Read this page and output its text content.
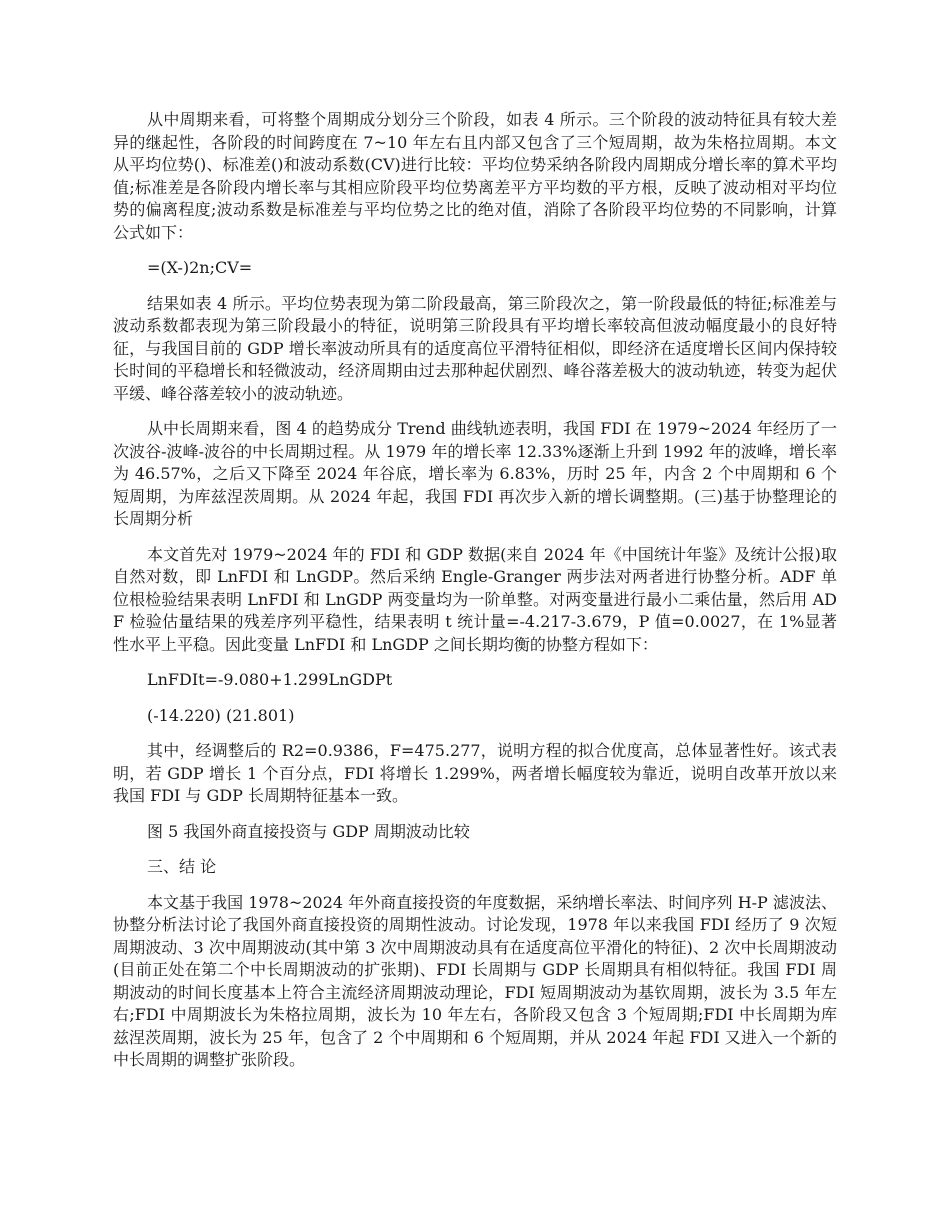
从中周期来看，可将整个周期成分划分三个阶段，如表 4 所示。三个阶段的波动特征具有较大差异的继起性，各阶段的时间跨度在 7~10 年左右且内部又包含了三个短周期，故为朱格拉周期。本文从平均位势()、标准差()和波动系数(CV)进行比较：平均位势采纳各阶段内周期成分增长率的算术平均值;标准差是各阶段内增长率与其相应阶段平均位势离差平方平均数的平方根，反映了波动相对平均位势的偏离程度;波动系数是标准差与平均位势之比的绝对值，消除了各阶段平均位势的不同影响，计算公式如下：

=(X-)2n;CV=

结果如表 4 所示。平均位势表现为第二阶段最高，第三阶段次之，第一阶段最低的特征;标准差与波动系数都表现为第三阶段最小的特征，说明第三阶段具有平均增长率较高但波动幅度最小的良好特征，与我国目前的 GDP 增长率波动所具有的适度高位平滑特征相似，即经济在适度增长区间内保持较长时间的平稳增长和轻微波动，经济周期由过去那种起伏剧烈、峰谷落差极大的波动轨迹，转变为起伏平缓、峰谷落差较小的波动轨迹。

从中长周期来看，图 4 的趋势成分 Trend 曲线轨迹表明，我国 FDI 在 1979~2024 年经历了一次波谷-波峰-波谷的中长周期过程。从 1979 年的增长率 12.33%逐渐上升到 1992 年的波峰，增长率为 46.57%，之后又下降至 2024 年谷底，增长率为 6.83%，历时 25 年，内含 2 个中周期和 6 个短周期，为库兹涅茨周期。从 2024 年起，我国 FDI 再次步入新的增长调整期。(三)基于协整理论的长周期分析

本文首先对 1979~2024 年的 FDI 和 GDP 数据(来自 2024 年《中国统计年鉴》及统计公报)取自然对数，即 LnFDI 和 LnGDP。然后采纳 Engle-Granger 两步法对两者进行协整分析。ADF 单位根检验结果表明 LnFDI 和 LnGDP 两变量均为一阶单整。对两变量进行最小二乘估量，然后用 ADF 检验估量结果的残差序列平稳性，结果表明 t 统计量=-4.217-3.679，P 值=0.0027，在 1%显著性水平上平稳。因此变量 LnFDI 和 LnGDP 之间长期均衡的协整方程如下：

LnFDIt=-9.080+1.299LnGDPt

(-14.220) (21.801)

其中，经调整后的 R2=0.9386，F=475.277，说明方程的拟合优度高，总体显著性好。该式表明，若 GDP 增长 1 个百分点，FDI 将增长 1.299%，两者增长幅度较为靠近，说明自改革开放以来我国 FDI 与 GDP 长周期特征基本一致。

图 5 我国外商直接投资与 GDP 周期波动比较

三、结 论

本文基于我国 1978~2024 年外商直接投资的年度数据，采纳增长率法、时间序列 H-P 滤波法、协整分析法讨论了我国外商直接投资的周期性波动。讨论发现，1978 年以来我国 FDI 经历了 9 次短周期波动、3 次中周期波动(其中第 3 次中周期波动具有在适度高位平滑化的特征)、2 次中长周期波动(目前正处在第二个中长周期波动的扩张期)、FDI 长周期与 GDP 长周期具有相似特征。我国 FDI 周期波动的时间长度基本上符合主流经济周期波动理论，FDI 短周期波动为基钦周期，波长为 3.5 年左右;FDI 中周期波长为朱格拉周期，波长为 10 年左右，各阶段又包含 3 个短周期;FDI 中长周期为库兹涅茨周期，波长为 25 年，包含了 2 个中周期和 6 个短周期，并从 2024 年起 FDI 又进入一个新的中长周期的调整扩张阶段。
